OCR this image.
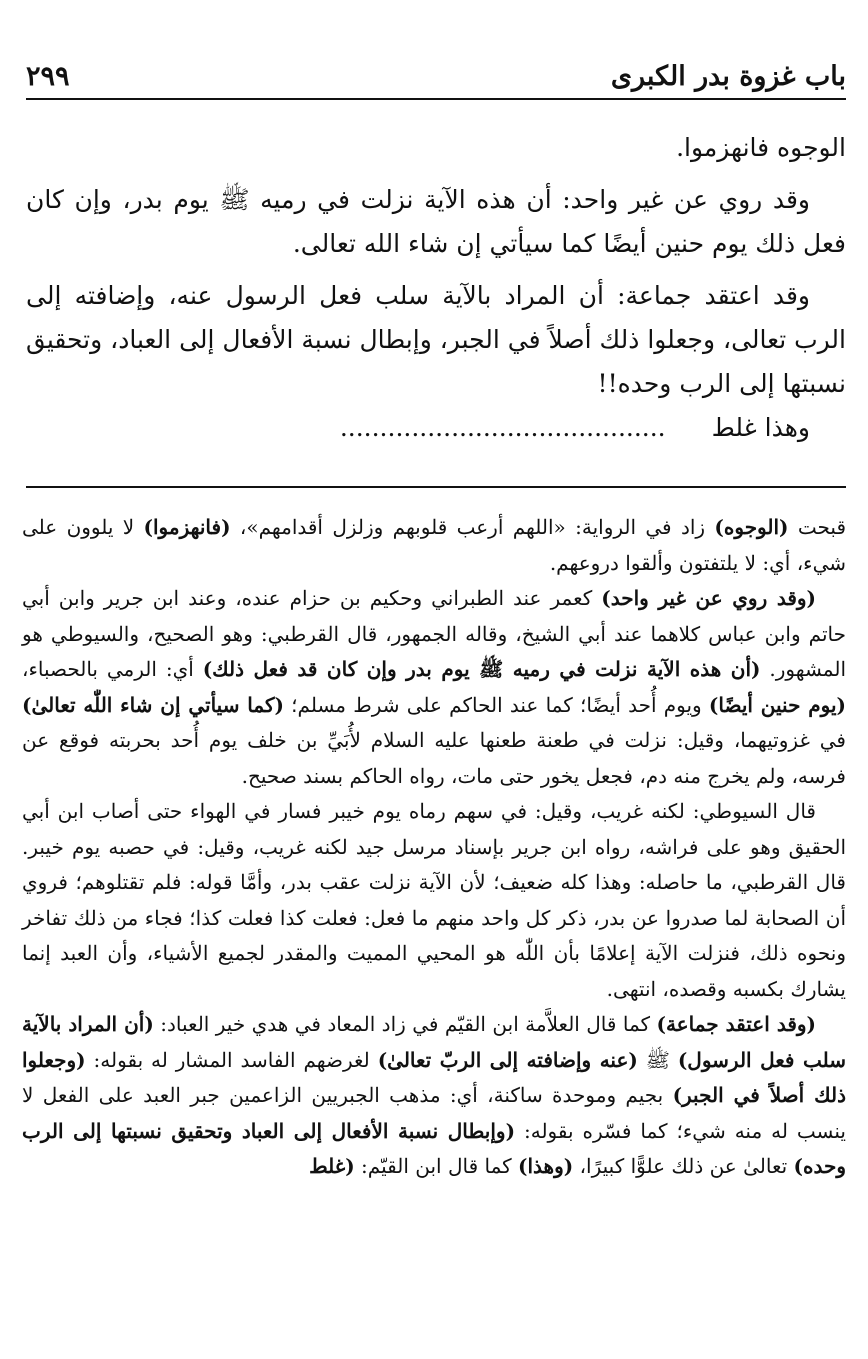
باب غزوة بدر الكبرى
٢٩٩

الوجوه فانهزموا.

وقد روي عن غير واحد: أن هذه الآية نزلت في رميه ﷺ يوم بدر، وإن كان فعل ذلك يوم حنين أيضًا كما سيأتي إن شاء الله تعالى.

وقد اعتقد جماعة: أن المراد بالآية سلب فعل الرسول عنه، وإضافته إلى الرب تعالى، وجعلوا ذلك أصلاً في الجبر، وإبطال نسبة الأفعال إلى العباد، وتحقيق نسبتها إلى الرب وحده!!

وهذا غلط.........................................

قبحت (الوجوه) زاد في الرواية: «اللهم أرعب قلوبهم وزلزل أقدامهم»، (فانهزموا) لا يلوون على شيء، أي: لا يلتفتون وألقوا دروعهم.

(وقد روي عن غير واحد) كعمر عند الطبراني وحكيم بن حزام عنده، وعند ابن جرير وابن أبي حاتم وابن عباس كلاهما عند أبي الشيخ، وقاله الجمهور، قال القرطبي: وهو الصحيح، والسيوطي هو المشهور. (أن هذه الآية نزلت في رميه ﷺ يوم بدر وإن كان قد فعل ذلك) أي: الرمي بالحصباء، (يوم حنين أيضًا) ويوم أُحد أيضًا؛ كما عند الحاكم على شرط مسلم؛ (كما سيأتي إن شاء اللّٰه تعالىٰ) في غزوتيهما، وقيل: نزلت في طعنة طعنها عليه السلام لأُبَيِّ بن خلف يوم أُحد بحربته فوقع عن فرسه، ولم يخرج منه دم، فجعل يخور حتى مات، رواه الحاكم بسند صحيح.

قال السيوطي: لكنه غريب، وقيل: في سهم رماه يوم خيبر فسار في الهواء حتى أصاب ابن أبي الحقيق وهو على فراشه، رواه ابن جرير بإسناد مرسل جيد لكنه غريب، وقيل: في حصبه يوم خيبر. قال القرطبي، ما حاصله: وهذا كله ضعيف؛ لأن الآية نزلت عقب بدر، وأمَّا قوله: فلم تقتلوهم؛ فروي أن الصحابة لما صدروا عن بدر، ذكر كل واحد منهم ما فعل: فعلت كذا فعلت كذا؛ فجاء من ذلك تفاخر ونحوه ذلك، فنزلت الآية إعلامًا بأن اللّٰه هو المحيي المميت والمقدر لجميع الأشياء، وأن العبد إنما يشارك بكسبه وقصده، انتهى.

(وقد اعتقد جماعة) كما قال العلاَّمة ابن القيّم في زاد المعاد في هدي خير العباد: (أن المراد بالآية سلب فعل الرسول) ﷺ (عنه وإضافته إلى الربّ تعالىٰ) لغرضهم الفاسد المشار له بقوله: (وجعلوا ذلك أصلاً في الجبر) بجيم وموحدة ساكنة، أي: مذهب الجبريين الزاعمين جبر العبد على الفعل لا ينسب له منه شيء؛ كما فسّره بقوله: (وإبطال نسبة الأفعال إلى العباد وتحقيق نسبتها إلى الرب وحده) تعالىٰ عن ذلك علوًّا كبيرًا، (وهذا) كما قال ابن القيّم: (غلط
